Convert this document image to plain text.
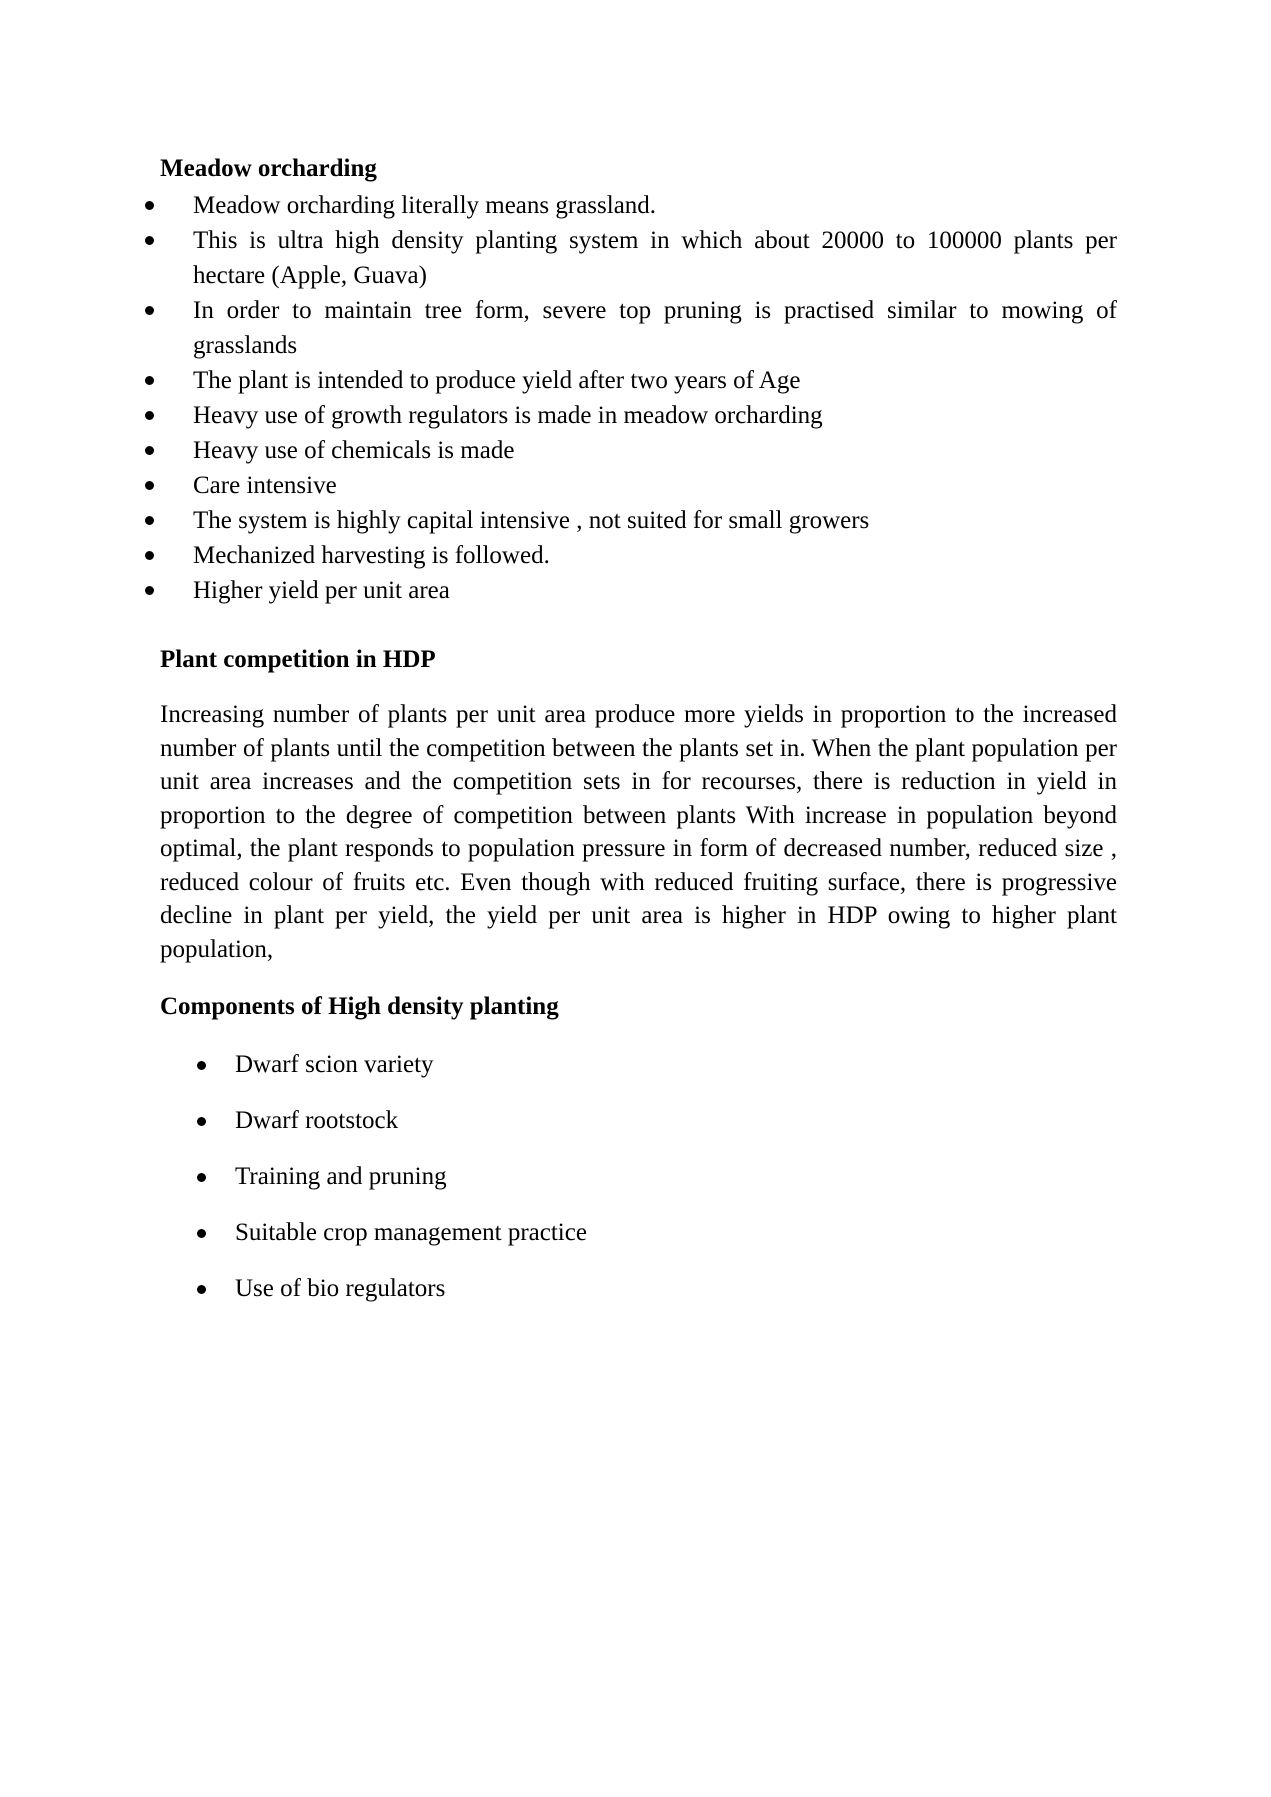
Meadow orcharding
Meadow orcharding literally means grassland.
This is ultra high density planting system in which about 20000 to 100000 plants per hectare (Apple, Guava)
In order to maintain tree form, severe top pruning is practised similar to mowing of grasslands
The plant is intended to produce yield after two years of Age
Heavy use of growth regulators is made in meadow orcharding
Heavy use of chemicals is made
Care intensive
The system is highly capital intensive , not suited for small growers
Mechanized harvesting is followed.
Higher yield per unit area
Plant competition in HDP

Increasing number of plants per unit area produce more yields in proportion to the increased number of plants until the competition between the plants set in. When the plant population per unit area increases and the competition sets in for recourses, there is reduction in yield in proportion to the degree of competition between plants With increase in population beyond optimal, the plant responds to population pressure in form of decreased number, reduced size , reduced colour of fruits etc. Even though with reduced fruiting surface, there is progressive decline in plant per yield, the yield per unit area is higher in HDP owing to higher plant population,

Components of High density planting
Dwarf scion variety
Dwarf rootstock
Training and pruning
Suitable crop management practice
Use of bio regulators
